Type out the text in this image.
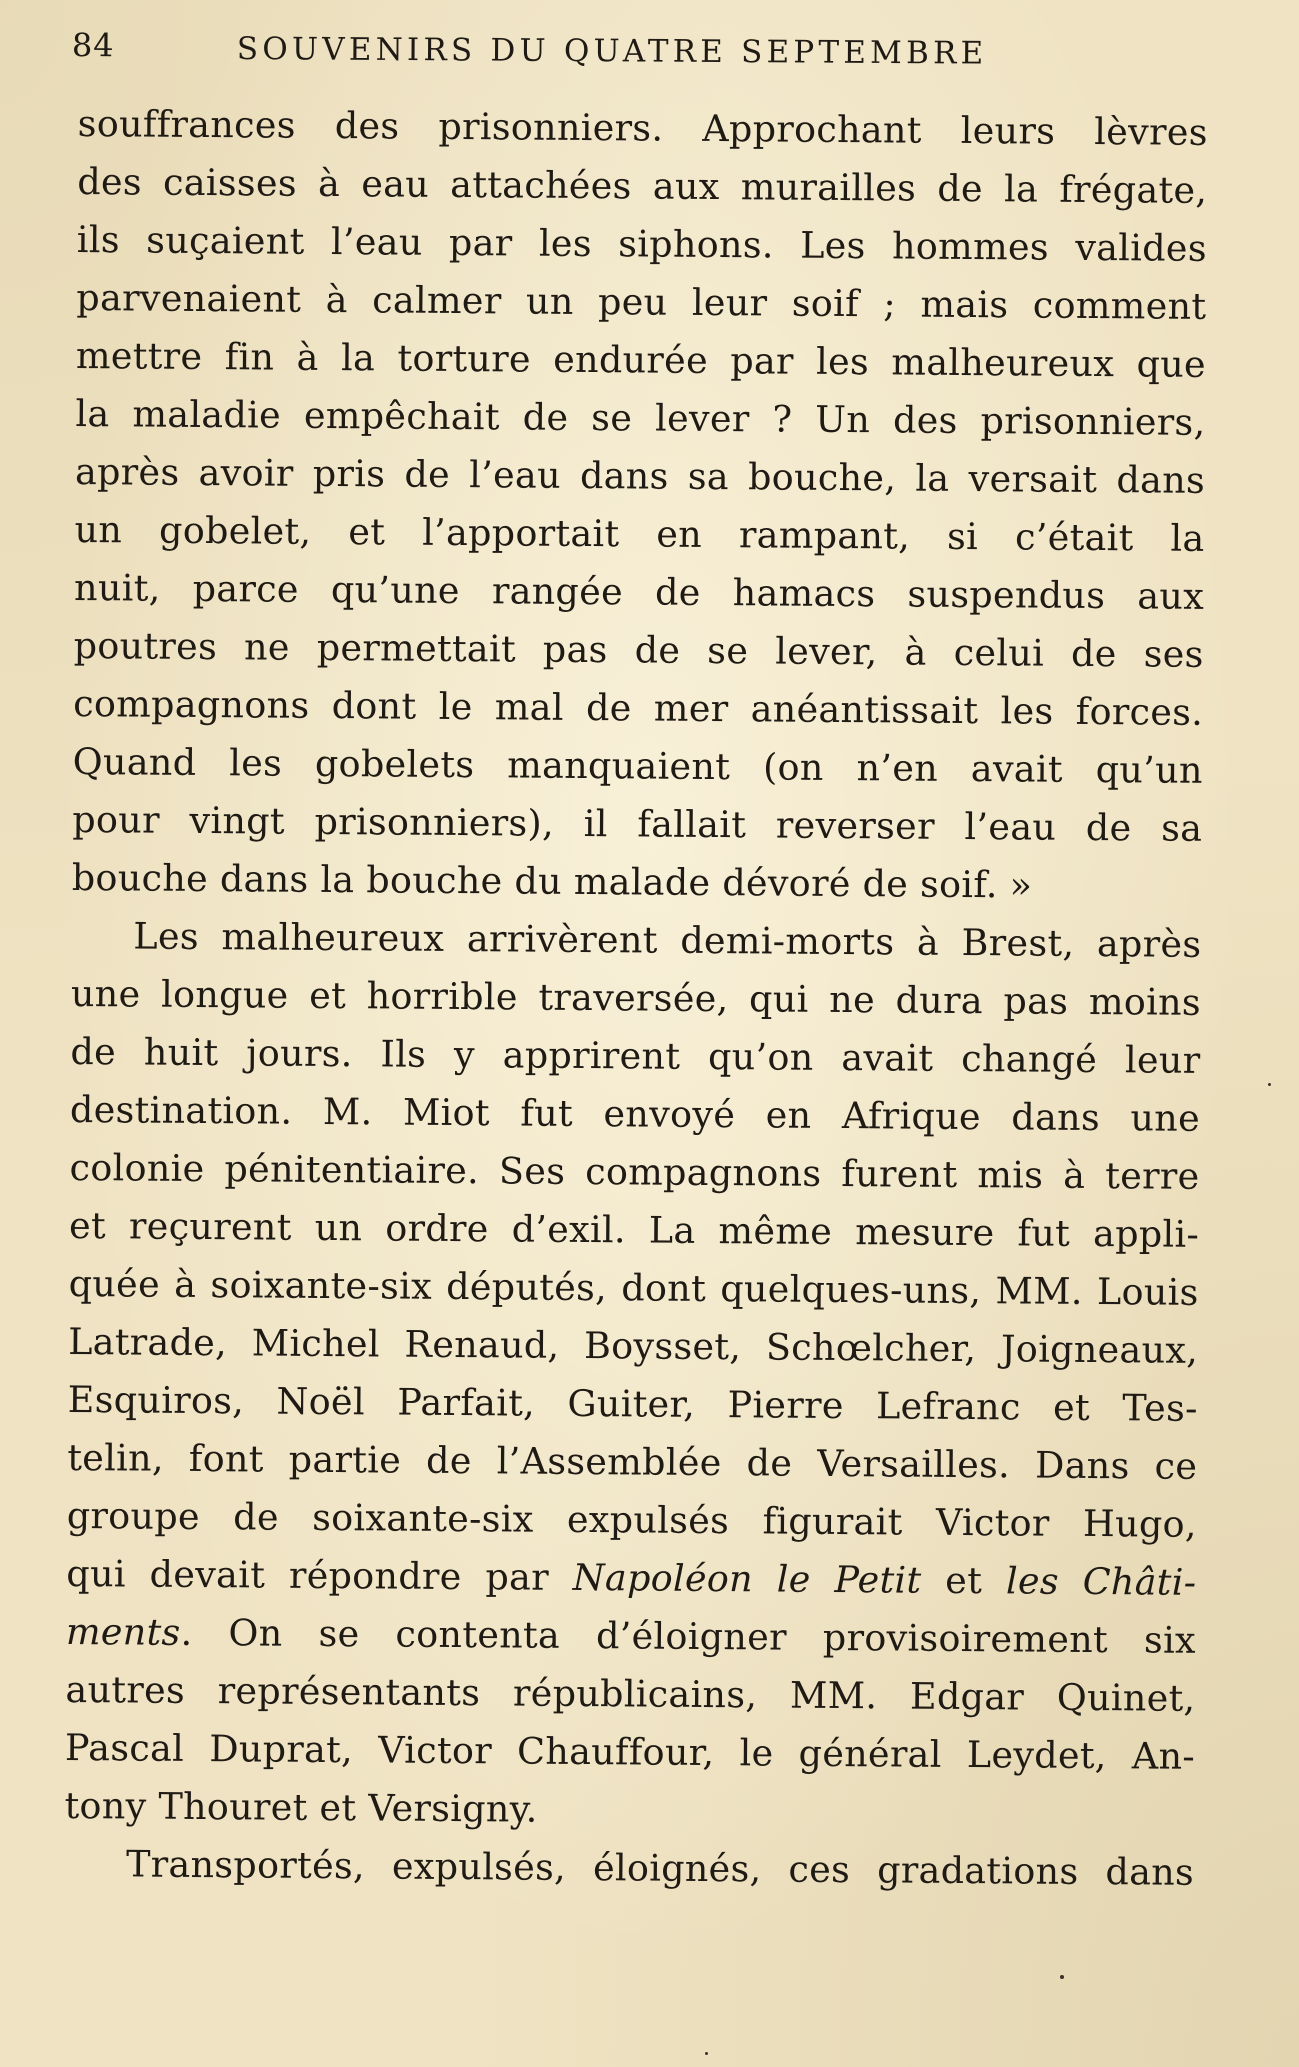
84	SOUVENIRS DU QUATRE SEPTEMBRE
souffrances des prisonniers. Approchant leurs lèvres
des caisses à eau attachées aux murailles de la frégate,
ils suçaient l’eau par les siphons. Les hommes valides
parvenaient à calmer un peu leur soif ; mais comment
mettre fin à la torture endurée par les malheureux que
la maladie empêchait de se lever ? Un des prisonniers,
après avoir pris de l’eau dans sa bouche, la versait dans
un gobelet, et l’apportait en rampant, si c’était la
nuit, parce qu’une rangée de hamacs suspendus aux
poutres ne permettait pas de se lever, à celui de ses
compagnons dont le mal de mer anéantissait les forces.
Quand les gobelets manquaient (on n’en avait qu’un
pour vingt prisonniers), il fallait reverser l’eau de sa
bouche dans la bouche du malade dévoré de soif. »
Les malheureux arrivèrent demi-morts à Brest, après
une longue et horrible traversée, qui ne dura pas moins
de huit jours. Ils y apprirent qu’on avait changé leur
destination. M. Miot fut envoyé en Afrique dans une
colonie pénitentiaire. Ses compagnons furent mis à terre
et reçurent un ordre d’exil. La même mesure fut appli-
quée à soixante-six députés, dont quelques-uns, MM. Louis
Latrade, Michel Renaud, Boysset, Schœlcher, Joigneaux,
Esquiros, Noël Parfait, Guiter, Pierre Lefranc et Tes-
telin, font partie de l’Assemblée de Versailles. Dans ce
groupe de soixante-six expulsés figurait Victor Hugo,
qui devait répondre par Napoléon le Petit et les Châti-
ments. On se contenta d’éloigner provisoirement six
autres représentants républicains, MM. Edgar Quinet,
Pascal Duprat, Victor Chauffour, le général Leydet, An-
tony Thouret et Versigny.
Transportés, expulsés, éloignés, ces gradations dans
